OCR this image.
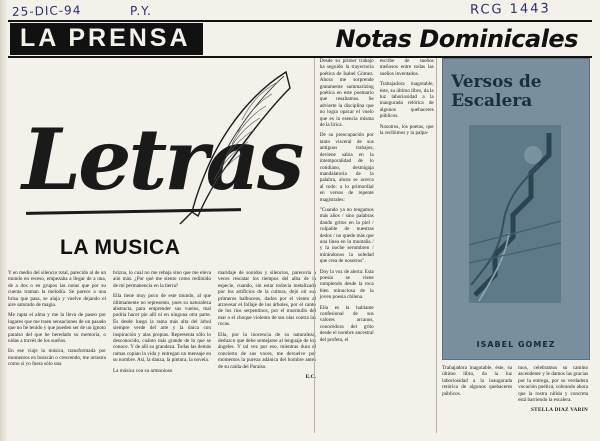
25-DIC-94	P.Y.	RCG 1443
LA PRENSA	Notas Dominicales
Letras
LA MUSICA

Y en medio del silencio total, parecido al de un mundo en receso, empezaba a llegar de a una, de a dos o en grupos las notas que por su cuenta traman la melodía. Se parece a una brisa que pasa, se alaja y vuelve dejando el aire saturado de magia.

Me rapta el alma y me la lleva de paseo por lugares que me traen sensaciones de un pasado que no he tenido y que pueden ser de un ignoto paraíso del que he heredado su memoria, o nidas a través de los sueños.

En ese viaje la música, transformada por momentos en buracán o crescendo, me arrastra como si yo fuera sólo una

brizna, lo cual no me rebaja sino que me eleva aún más. ¿Por qué me siento como redimido de mi permanencia en la tierra?

Ella tiene muy poco de este mundo, al que últimamente no represento, pues su naturaleza abstracta, para emprender sus vuelos, mal podría hacer pie allí ni en ninguna otra parte. Es desde luego la rama más alta del árbol siempre verde del arte y la única con inspiración y alas propias. Representa sólo lo desconocido, cuánto más grande de lo que se conoce. Y de allí su grandeza. Todas las demás ramas copian la vida y entregan un mensaje en su nombre. Así, la danza, la pintura, la novela.

La música con su armonioso

maridaje de sonidos y silencios, parecería a veces rescatar los tiempos del alba de la especie, cuando, sin estar todavía metalizada por los artificios de la cultura, dejó oír sus primeros balbuceos, dados por el viento al atravesar el follaje de los árboles, por el canto de los ríos serpentinos, por el murmullo del mar o el choque violento de sus olas contra las rocas.

Ella, por la inocencia de su naturaleza, deduzco que debe semejarse al lenguaje de los ángeles. Y tal vez por eso, mientras dura el concierto de sus voces, me devuelve por momentos la pureza adánica del hombre antes de su caída del Paraíso.

E.C.

Desde su primer trabajo ha seguido la trayectoria poética de Isabel Gómez. Ahora me sorprende gratamente summarizing poética en este poemario que resaltamos. Se advierte la disciplina que no logra opacar el vuelo que es la esencia misma de la lírica.

De su preocupación por tanto visceral de sus antiguos trabajos, deviene sabia en la intemporalidad de lo cotidiano, desmigaja mandalatoria de la palabra, ahora se acerca al todo: a lo primordial en versos de repente magistrales:

"Cuando ya no tengamos más años / sino palabras dando gritos en la piel / culpable de nuestras dedos / no quede más que una línea en la montaña / y la noche serumbren / mirándonos la soledad que crea de nosotros".

Doy la voz de alerta: Esta poesía se viene rompiendo desde la roca bien minuciosa de la joven poesía chilena.

Ella es la hablante confesional de sus valores arcanos, conocedora del grito desde el nombre ancestral del profeta, el

escribe de sueños meñosos entre todas las sueños inventados.

Trabajadora inagotable, éste, su último libro, da la luz laboriosidad a la inaugurada retórica de algunos quehaceres públicos.

Nosotros, los poetas, que la recibimos y la palpa-

Versos de Escalera
ISABEL GOMEZ

Trabajadora inagotable, éste, su último libro, da la luz laboriosidad a la inaugurada retórica de algunos quehaceres públicos.

mos, celebramos su camino ascendente y le damos las gracias por la entrega, por su verdadera vocación poética, cobrando ahora que la rostra nítida y concreta está barriendo la escalera.

STELLA DIAZ VARIN
